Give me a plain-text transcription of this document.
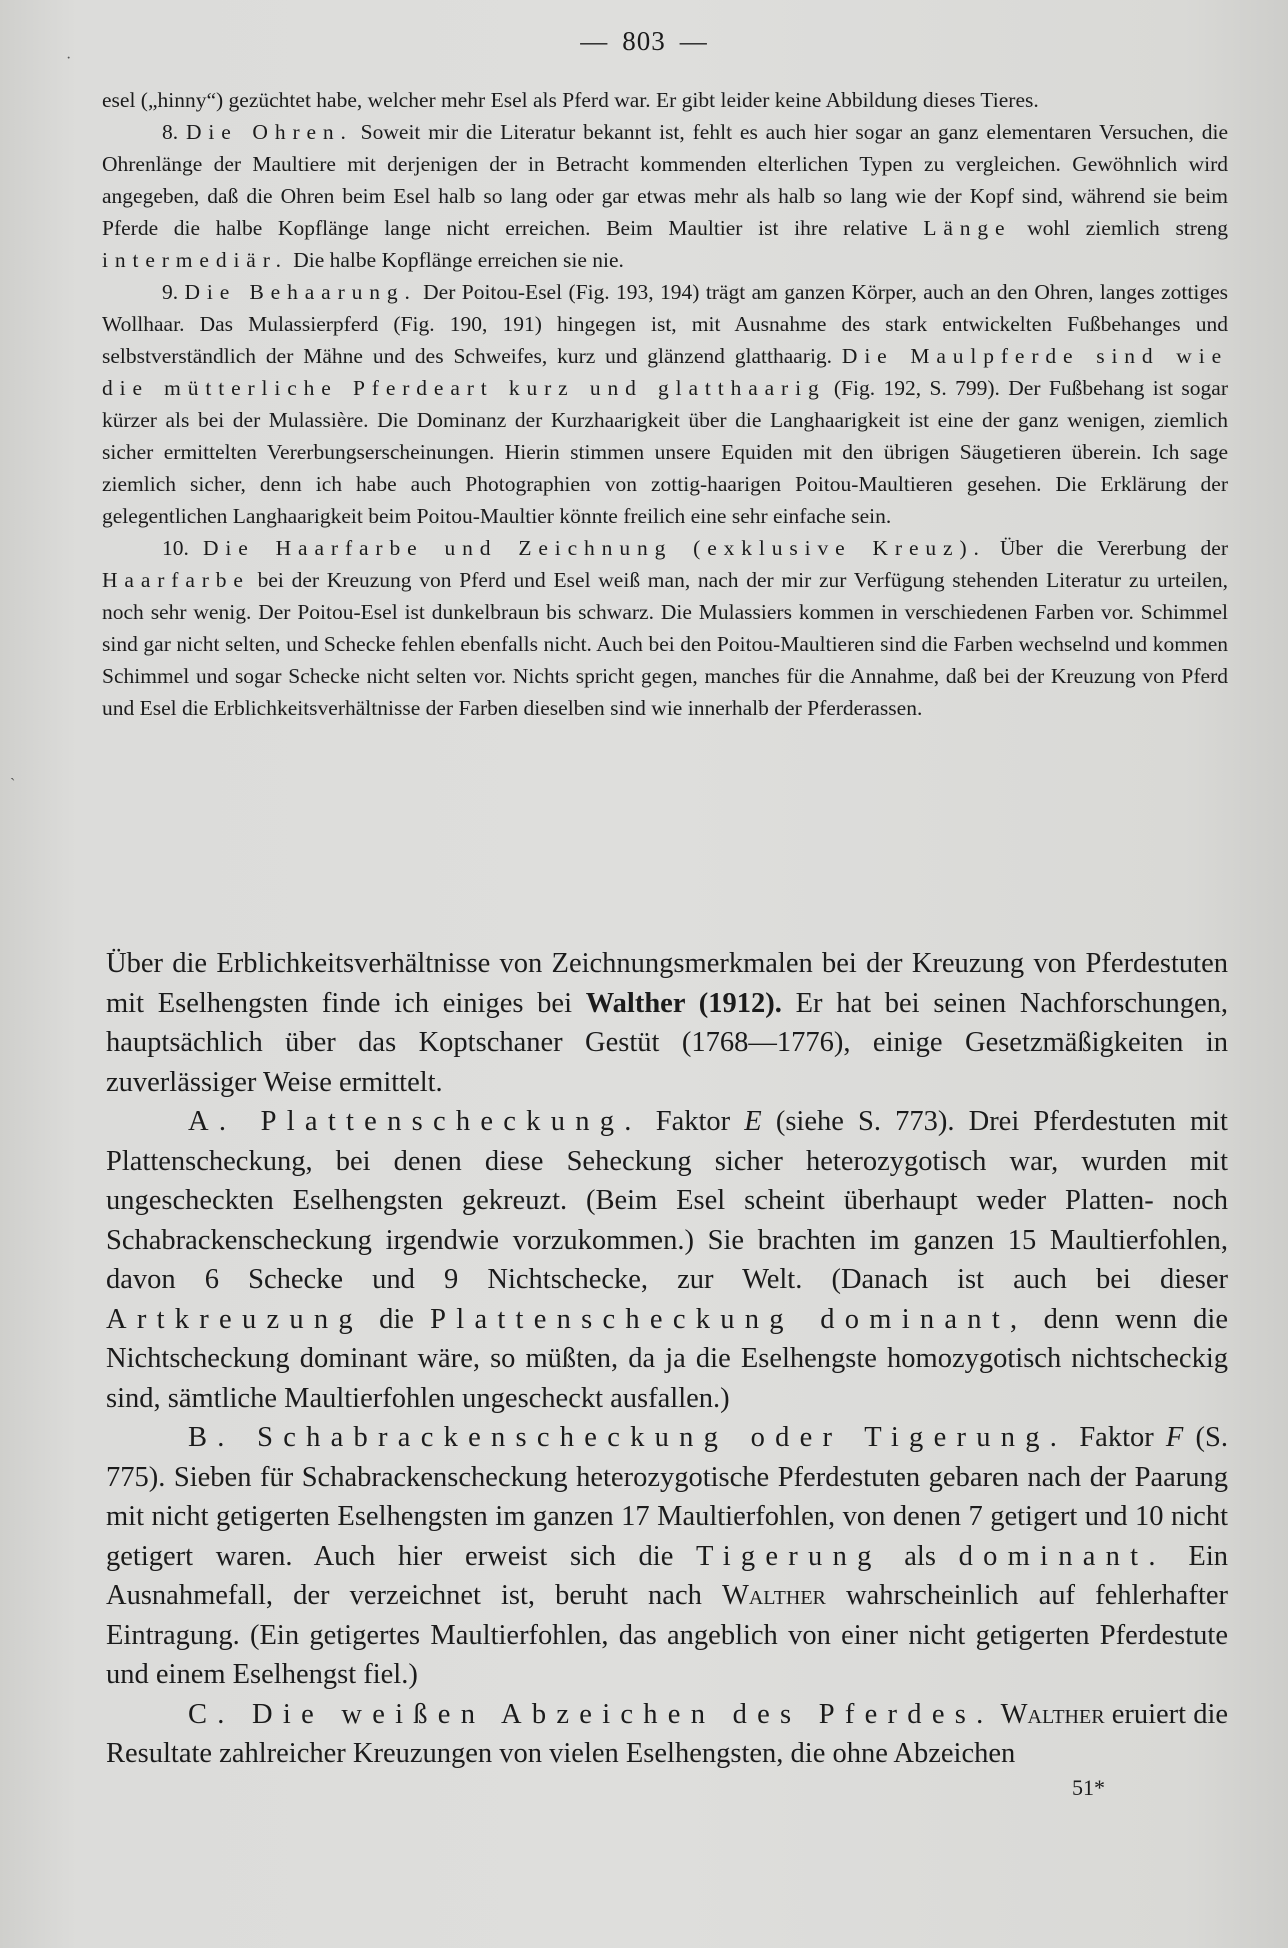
— 803 —
·
`

esel („hinny“) gezüchtet habe, welcher mehr Esel als Pferd war. Er gibt leider keine Abbildung dieses Tieres.

8. Die Ohren. Soweit mir die Literatur bekannt ist, fehlt es auch hier sogar an ganz elementaren Versuchen, die Ohrenlänge der Maultiere mit derjenigen der in Betracht kommenden elterlichen Typen zu vergleichen. Gewöhnlich wird angegeben, daß die Ohren beim Esel halb so lang oder gar etwas mehr als halb so lang wie der Kopf sind, während sie beim Pferde die halbe Kopflänge lange nicht erreichen. Beim Maultier ist ihre relative Länge wohl ziemlich streng intermediär. Die halbe Kopflänge erreichen sie nie.

9. Die Behaarung. Der Poitou-Esel (Fig. 193, 194) trägt am ganzen Körper, auch an den Ohren, langes zottiges Wollhaar. Das Mulassierpferd (Fig. 190, 191) hingegen ist, mit Ausnahme des stark entwickelten Fußbehanges und selbstverständlich der Mähne und des Schweifes, kurz und glänzend glatthaarig. Die Maulpferde sind wie die mütterliche Pferdeart kurz und glatthaarig (Fig. 192, S. 799). Der Fußbehang ist sogar kürzer als bei der Mulassière. Die Dominanz der Kurzhaarigkeit über die Langhaarigkeit ist eine der ganz wenigen, ziemlich sicher ermittelten Vererbungserscheinungen. Hierin stimmen unsere Equiden mit den übrigen Säugetieren überein. Ich sage ziemlich sicher, denn ich habe auch Photographien von zottig-haarigen Poitou-Maultieren gesehen. Die Erklärung der gelegentlichen Langhaarigkeit beim Poitou-Maultier könnte freilich eine sehr einfache sein.

10. Die Haarfarbe und Zeichnung (exklusive Kreuz). Über die Vererbung der Haarfarbe bei der Kreuzung von Pferd und Esel weiß man, nach der mir zur Verfügung stehenden Literatur zu urteilen, noch sehr wenig. Der Poitou-Esel ist dunkelbraun bis schwarz. Die Mulassiers kommen in verschiedenen Farben vor. Schimmel sind gar nicht selten, und Schecke fehlen ebenfalls nicht. Auch bei den Poitou-Maultieren sind die Farben wechselnd und kommen Schimmel und sogar Schecke nicht selten vor. Nichts spricht gegen, manches für die Annahme, daß bei der Kreuzung von Pferd und Esel die Erblichkeitsverhältnisse der Farben dieselben sind wie innerhalb der Pferderassen.

Über die Erblichkeitsverhältnisse von Zeichnungsmerkmalen bei der Kreuzung von Pferdestuten mit Eselhengsten finde ich einiges bei Walther (1912). Er hat bei seinen Nachforschungen, hauptsächlich über das Koptschaner Gestüt (1768—1776), einige Gesetzmäßigkeiten in zuverlässiger Weise ermittelt.

A. Plattenscheckung. Faktor E (siehe S. 773). Drei Pferdestuten mit Plattenscheckung, bei denen diese Seheckung sicher heterozygotisch war, wurden mit ungescheckten Eselhengsten gekreuzt. (Beim Esel scheint überhaupt weder Platten- noch Schabrackenscheckung irgendwie vorzukommen.) Sie brachten im ganzen 15 Maultierfohlen, davon 6 Schecke und 9 Nichtschecke, zur Welt. (Danach ist auch bei dieser Artkreuzung die Plattenscheckung dominant, denn wenn die Nichtscheckung dominant wäre, so müßten, da ja die Eselhengste homozygotisch nichtscheckig sind, sämtliche Maultierfohlen ungescheckt ausfallen.)

B. Schabrackenscheckung oder Tigerung. Faktor F (S. 775). Sieben für Schabrackenscheckung heterozygotische Pferdestuten gebaren nach der Paarung mit nicht getigerten Eselhengsten im ganzen 17 Maultierfohlen, von denen 7 getigert und 10 nicht getigert waren. Auch hier erweist sich die Tigerung als dominant. Ein Ausnahmefall, der verzeichnet ist, beruht nach Walther wahrscheinlich auf fehlerhafter Eintragung. (Ein getigertes Maultierfohlen, das angeblich von einer nicht getigerten Pferdestute und einem Eselhengst fiel.)

C. Die weißen Abzeichen des Pferdes. Walther eruiert die Resultate zahlreicher Kreuzungen von vielen Eselhengsten, die ohne Abzeichen

51*
